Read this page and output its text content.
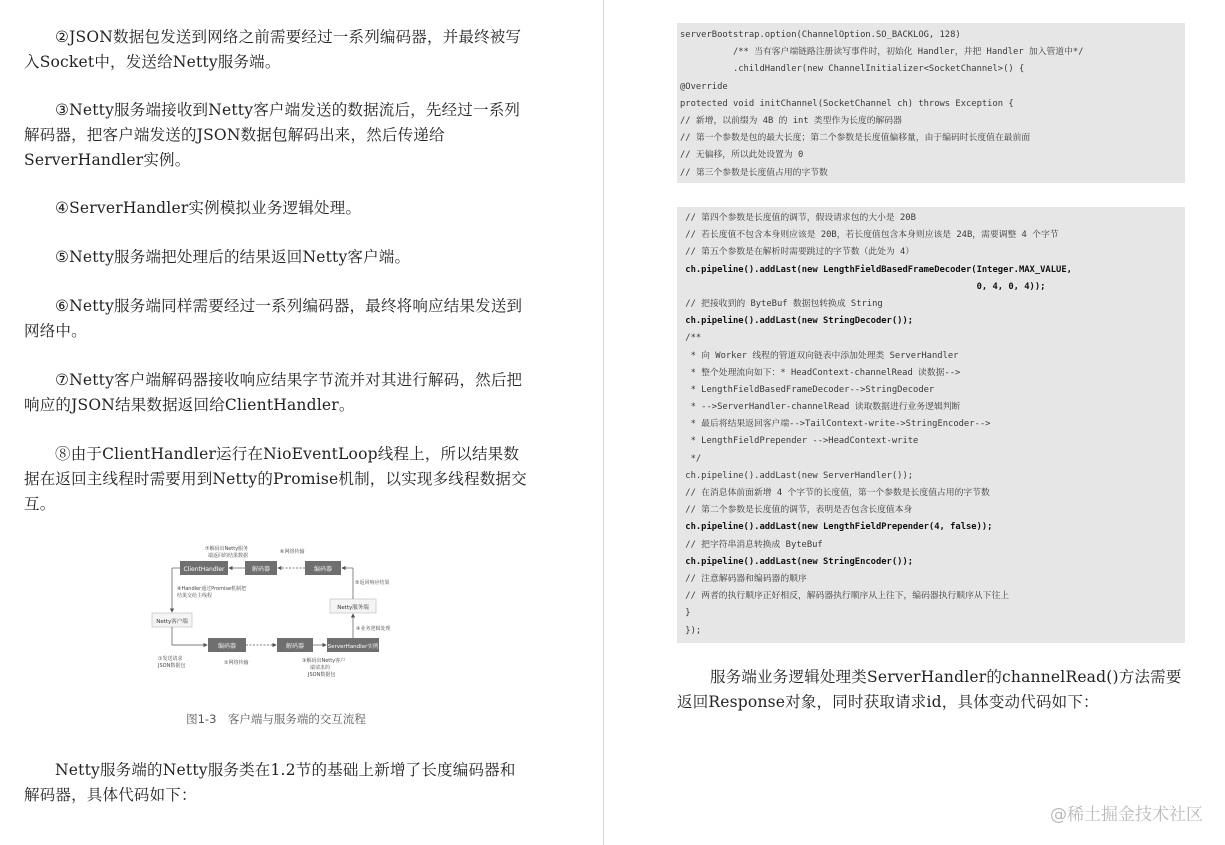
②JSON数据包发送到网络之前需要经过一系列编码器，并最终被写入Socket中，发送给Netty服务端。

③Netty服务端接收到Netty客户端发送的数据流后，先经过一系列解码器，把客户端发送的JSON数据包解码出来，然后传递给ServerHandler实例。

④ServerHandler实例模拟业务逻辑处理。

⑤Netty服务端把处理后的结果返回Netty客户端。

⑥Netty服务端同样需要经过一系列编码器，最终将响应结果发送到网络中。

⑦Netty客户端解码器接收响应结果字节流并对其进行解码，然后把响应的JSON结果数据返回给ClientHandler。

⑧由于ClientHandler运行在NioEventLoop线程上，所以结果数据在返回主线程时需要用到Netty的Promise机制，以实现多线程数据交互。

ClientHandler	解码器	编码器
Netty服务端
Netty客户端
编码器	解码器	ServerHandler实例
⑦解码出Netty服务
端返回的结果数据
⑥网络传输
⑧Handler通过Promise机制把
结果交给主线程
⑤返回响应结果
④业务逻辑处理
①发送请求
JSON数据包	②网络传输	③解码出Netty客户
端请求的
JSON数据包
图1-3　客户端与服务端的交互流程

Netty服务端的Netty服务类在1.2节的基础上新增了长度编码器和解码器，具体代码如下：

serverBootstrap.option(ChannelOption.SO_BACKLOG, 128)
/** 当有客户端链路注册读写事件时，初始化 Handler，并把 Handler 加入管道中*/
.childHandler(new ChannelInitializer<SocketChannel>() {
@Override
protected void initChannel(SocketChannel ch) throws Exception {
// 新增，以前缀为 4B 的 int 类型作为长度的解码器
// 第一个参数是包的最大长度；第二个参数是长度值偏移量，由于编码时长度值在最前面
// 无偏移，所以此处设置为 0
// 第三个参数是长度值占用的字节数
// 第四个参数是长度值的调节，假设请求包的大小是 20B
// 若长度值不包含本身则应该是 20B，若长度值包含本身则应该是 24B，需要调整 4 个字节
// 第五个参数是在解析时需要跳过的字节数（此处为 4）
ch.pipeline().addLast(new LengthFieldBasedFrameDecoder(Integer.MAX_VALUE,
0, 4, 0, 4));
// 把接收到的 ByteBuf 数据包转换成 String
ch.pipeline().addLast(new StringDecoder());
/**
* 向 Worker 线程的管道双向链表中添加处理类 ServerHandler
* 整个处理流向如下：* HeadContext-channelRead 读数据-->
* LengthFieldBasedFrameDecoder-->StringDecoder
* -->ServerHandler-channelRead 读取数据进行业务逻辑判断
* 最后将结果返回客户端-->TailContext-write->StringEncoder-->
* LengthFieldPrepender -->HeadContext-write
*/
ch.pipeline().addLast(new ServerHandler());
// 在消息体前面新增 4 个字节的长度值，第一个参数是长度值占用的字节数
// 第二个参数是长度值的调节，表明是否包含长度值本身
ch.pipeline().addLast(new LengthFieldPrepender(4, false));
// 把字符串消息转换成 ByteBuf
ch.pipeline().addLast(new StringEncoder());
// 注意解码器和编码器的顺序
// 两者的执行顺序正好相反，解码器执行顺序从上往下，编码器执行顺序从下往上
}
});

服务端业务逻辑处理类ServerHandler的channelRead()方法需要返回Response对象，同时获取请求id，具体变动代码如下：

@稀土掘金技术社区
